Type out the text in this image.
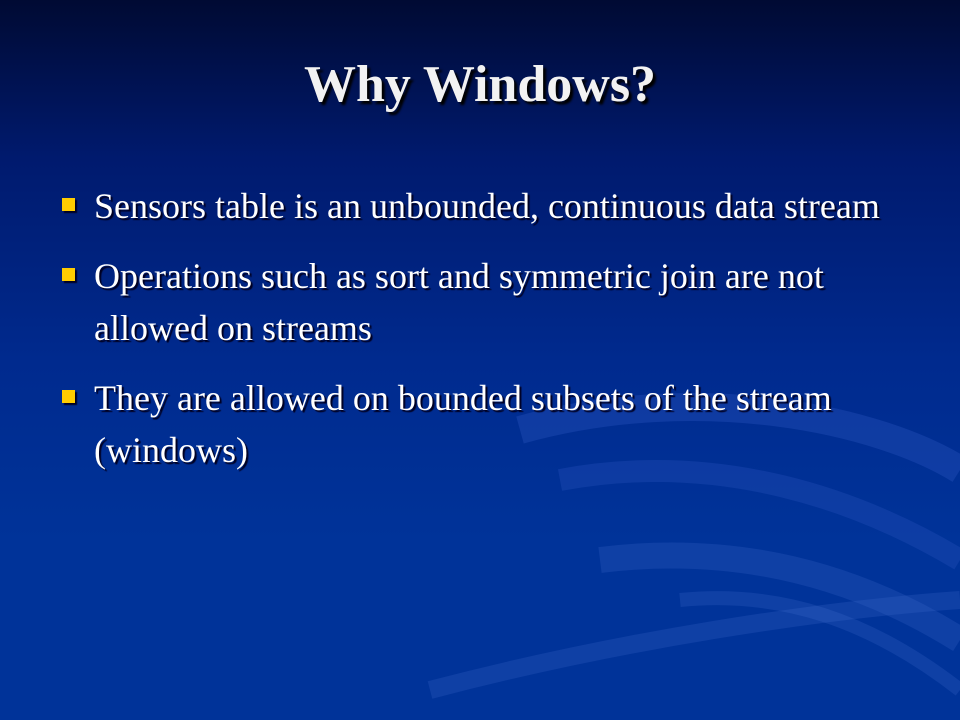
Why Windows?
Sensors table is an unbounded, continuous data stream
Operations such as sort and symmetric join are not allowed on streams
They are allowed on bounded subsets of the stream (windows)
